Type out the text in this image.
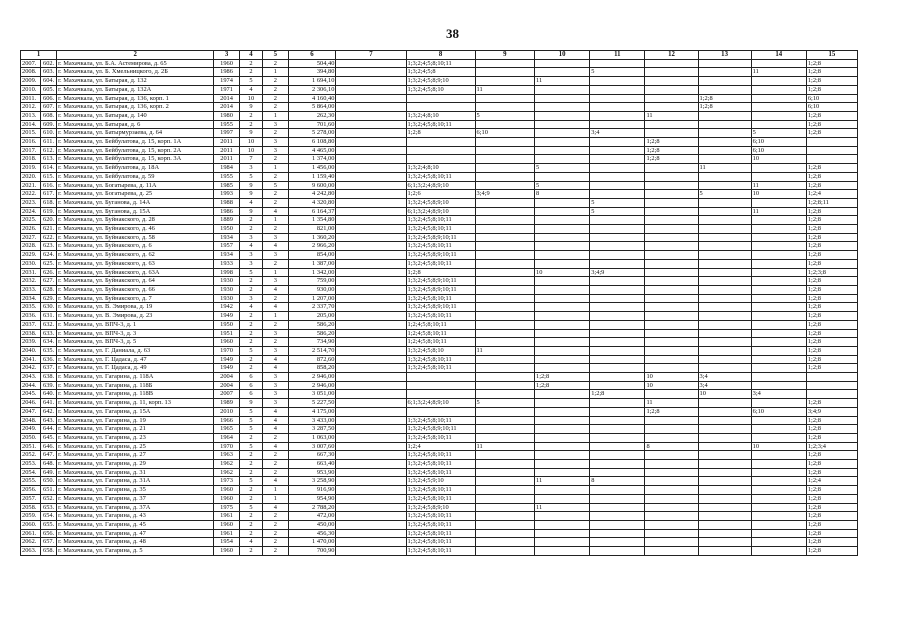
38
1		2	3	4	5	6	7	8	9	10	11	12	13	14	15
2007.	602.	г. Махачкала, ул. Б.А. Астемирова, д. 65	1960	2	2	504,40		1;3;2;4;5;8;10;11							1;2;8
2008.	603.	г. Махачкала, ул. Б. Хмельницкого, д. 2Б	1986	2	1	394,80		1;3;2;4;5;8			5			11	1;2;8
2009.	604.	г. Махачкала, ул. Батырая, д. 132	1974	5	2	1 694,10		1;3;2;4;5;8;9;10		11					1;2;8
2010.	605.	г. Махачкала, ул. Батырая, д. 132А	1971	4	2	2 306,10		1;3;2;4;5;8;10	11						1;2;8
2011.	606.	г. Махачкала, ул. Батырая, д. 136, корп. 1	2014	10	2	4 160,40							1;2;8		6;10
2012.	607.	г. Махачкала, ул. Батырая, д. 136, корп. 2	2014	9	2	5 864,00							1;2;8		6;10
2013.	608.	г. Махачкала, ул. Батырая, д. 140	1980	2	1	262,30		1;3;2;4;8;10	5			11			1;2;8
2014.	609.	г. Махачкала, ул. Батырая, д. 6	1955	2	3	701,60		1;3;2;4;5;8;10;11							1;2;8
2015.	610.	г. Махачкала, ул. Батырмурзаева, д. 64	1997	9	2	5 278,00		1;2;8	6;10		3;4			5	1;2;8
2016.	611.	г. Махачкала, ул. Бейбулатова, д. 15, корп. 1А	2011	10	3	6 108,80						1;2;8		6;10	
2017.	612.	г. Махачкала, ул. Бейбулатова, д. 15, корп. 2А	2011	10	3	4 465,00						1;2;8		6;10	
2018.	613.	г. Махачкала, ул. Бейбулатова, д. 15, корп. 3А	2011	7	2	1 374,00						1;2;8		10	
2019.	614.	г. Махачкала, ул. Бейбулатова, д. 18А	1984	3	1	1 456,00		1;3;2;4;8;10		5			11		1;2;8
2020.	615.	г. Махачкала, ул. Бейбулатова, д. 59	1955	5	2	1 159,40		1;3;2;4;5;8;10;11							1;2;8
2021.	616.	г. Махачкала, ул. Богатырева, д. 11А	1985	9	5	9 600,00		6;1;3;2;4;8;9;10		5				11	1;2;8
2022.	617.	г. Махачкала, ул. Богатырева, д. 25	1993	9	2	4 242,80		1;2;6	3;4;9	8			5	10	1;2;4
2023.	618.	г. Махачкала, ул. Буганова, д. 14А	1988	4	2	4 320,80		1;3;2;4;5;8;9;10			5				1;2;8;11
2024.	619.	г. Махачкала, ул. Буганова, д. 15А	1986	9	4	6 164,37		6;1;3;2;4;8;9;10			5			11	1;2;8
2025.	620.	г. Махачкала, ул. Буйнакского, д. 28	1889	2	1	1 354,80		1;3;2;4;5;8;10;11							1;2;8
2026.	621.	г. Махачкала, ул. Буйнакского, д. 46	1950	2	2	821,00		1;3;2;4;5;8;10;11							1;2;8
2027.	622.	г. Махачкала, ул. Буйнакского, д. 58	1934	3	3	1 360,20		1;3;2;4;5;8;9;10;11							1;2;8
2028.	623.	г. Махачкала, ул. Буйнакского, д. 6	1957	4	4	2 966,20		1;3;2;4;5;8;10;11							1;2;8
2029.	624.	г. Махачкала, ул. Буйнакского, д. 62	1934	3	3	854,00		1;3;2;4;5;8;9;10;11							1;2;8
2030.	625.	г. Махачкала, ул. Буйнакского, д. 63	1933	3	2	1 387,00		1;3;2;4;5;8;10;11							1;2;8
2031.	626.	г. Махачкала, ул. Буйнакского, д. 63А	1998	5	1	1 342,00		1;2;8		10	3;4;9				1;2;3;8
2032.	627.	г. Махачкала, ул. Буйнакского, д. 64	1930	2	3	759,00		1;3;2;4;5;8;9;10;11							1;2;8
2033.	628.	г. Махачкала, ул. Буйнакского, д. 66	1930	2	4	930,00		1;3;2;4;5;8;9;10;11							1;2;8
2034.	629.	г. Махачкала, ул. Буйнакского, д. 7	1930	3	2	1 207,00		1;3;2;4;5;8;10;11							1;2;8
2035.	630.	г. Махачкала, ул. В. Эмирова, д. 19	1942	4	4	2 337,70		1;3;2;4;5;8;9;10;11							1;2;8
2036.	631.	г. Махачкала, ул. В. Эмирова, д. 23	1949	2	1	205,00		1;3;2;4;5;8;10;11							1;2;8
2037.	632.	г. Махачкала, ул. ВПЧ-3, д. 1	1950	2	2	586,20		1;2;4;5;8;10;11							1;2;8
2038.	633.	г. Махачкала, ул. ВПЧ-3, д. 3	1951	2	3	586,20		1;2;4;5;8;10;11							1;2;8
2039.	634.	г. Махачкала, ул. ВПЧ-3, д. 5	1960	2	2	734,90		1;2;4;5;8;10;11							1;2;8
2040.	635.	г. Махачкала, ул. Г. Даниала, д. 63	1970	5	3	2 514,70		1;3;2;4;5;8;10	11						1;2;8
2041.	636.	г. Махачкала, ул. Г. Цадаса, д. 47	1949	2	4	872,60		1;3;2;4;5;8;10;11							1;2;8
2042.	637.	г. Махачкала, ул. Г. Цадаса, д. 49	1949	2	4	858,20		1;3;2;4;5;8;10;11							1;2;8
2043.	638.	г. Махачкала, ул. Гагарина, д. 118А	2004	6	3	2 946,00				1;2;8		10	3;4		
2044.	639.	г. Махачкала, ул. Гагарина, д. 118Б	2004	6	3	2 946,00				1;2;8		10	3;4		
2045.	640.	г. Махачкала, ул. Гагарина, д. 118В	2007	6	3	3 051,00					1;2;8		10	3;4	
2046.	641.	г. Махачкала, ул. Гагарина, д. 11, корп. 13	1989	9	3	5 227,50		6;1;3;2;4;8;9;10	5			11			1;2;8
2047.	642.	г. Махачкала, ул. Гагарина, д. 15А	2010	5	4	4 175,00						1;2;8		6;10	3;4;9
2048.	643.	г. Махачкала, ул. Гагарина, д. 19	1966	5	4	3 433,00		1;3;2;4;5;8;10;11							1;2;8
2049.	644.	г. Махачкала, ул. Гагарина, д. 21	1965	5	4	3 287,50		1;3;2;4;5;8;9;10;11							1;2;8
2050.	645.	г. Махачкала, ул. Гагарина, д. 23	1964	2	2	1 063,00		1;3;2;4;5;8;10;11							1;2;8
2051.	646.	г. Махачкала, ул. Гагарина, д. 25	1970	5	4	3 007,60		1;2;4	11			8		10	1;2;3;4
2052.	647.	г. Махачкала, ул. Гагарина, д. 27	1963	2	2	667,30		1;3;2;4;5;8;10;11							1;2;8
2053.	648.	г. Махачкала, ул. Гагарина, д. 29	1962	2	2	663,40		1;3;2;4;5;8;10;11							1;2;8
2054.	649.	г. Махачкала, ул. Гагарина, д. 31	1962	2	2	953,90		1;3;2;4;5;8;10;11							1;2;8
2055.	650.	г. Махачкала, ул. Гагарина, д. 31А	1973	5	4	3 258,90		1;3;2;4;5;9;10		11	8				1;2;4
2056.	651.	г. Махачкала, ул. Гагарина, д. 35	1960	2	1	916,90		1;3;2;4;5;8;10;11							1;2;8
2057.	652.	г. Махачкала, ул. Гагарина, д. 37	1960	2	1	954,90		1;3;2;4;5;8;10;11							1;2;8
2058.	653.	г. Махачкала, ул. Гагарина, д. 37А	1975	5	4	2 788,20		1;3;2;4;5;8;9;10		11					1;2;8
2059.	654.	г. Махачкала, ул. Гагарина, д. 43	1961	2	2	472,00		1;3;2;4;5;8;10;11							1;2;8
2060.	655.	г. Махачкала, ул. Гагарина, д. 45	1960	2	2	450,00		1;3;2;4;5;8;10;11							1;2;8
2061.	656.	г. Махачкала, ул. Гагарина, д. 47	1961	2	2	456,30		1;3;2;4;5;8;10;11							1;2;8
2062.	657.	г. Махачкала, ул. Гагарина, д. 48	1954	4	2	1 470,00		1;3;2;4;5;8;10;11							1;2;8
2063.	658.	г. Махачкала, ул. Гагарина, д. 5	1960	2	2	700,90		1;3;2;4;5;8;10;11							1;2;8
